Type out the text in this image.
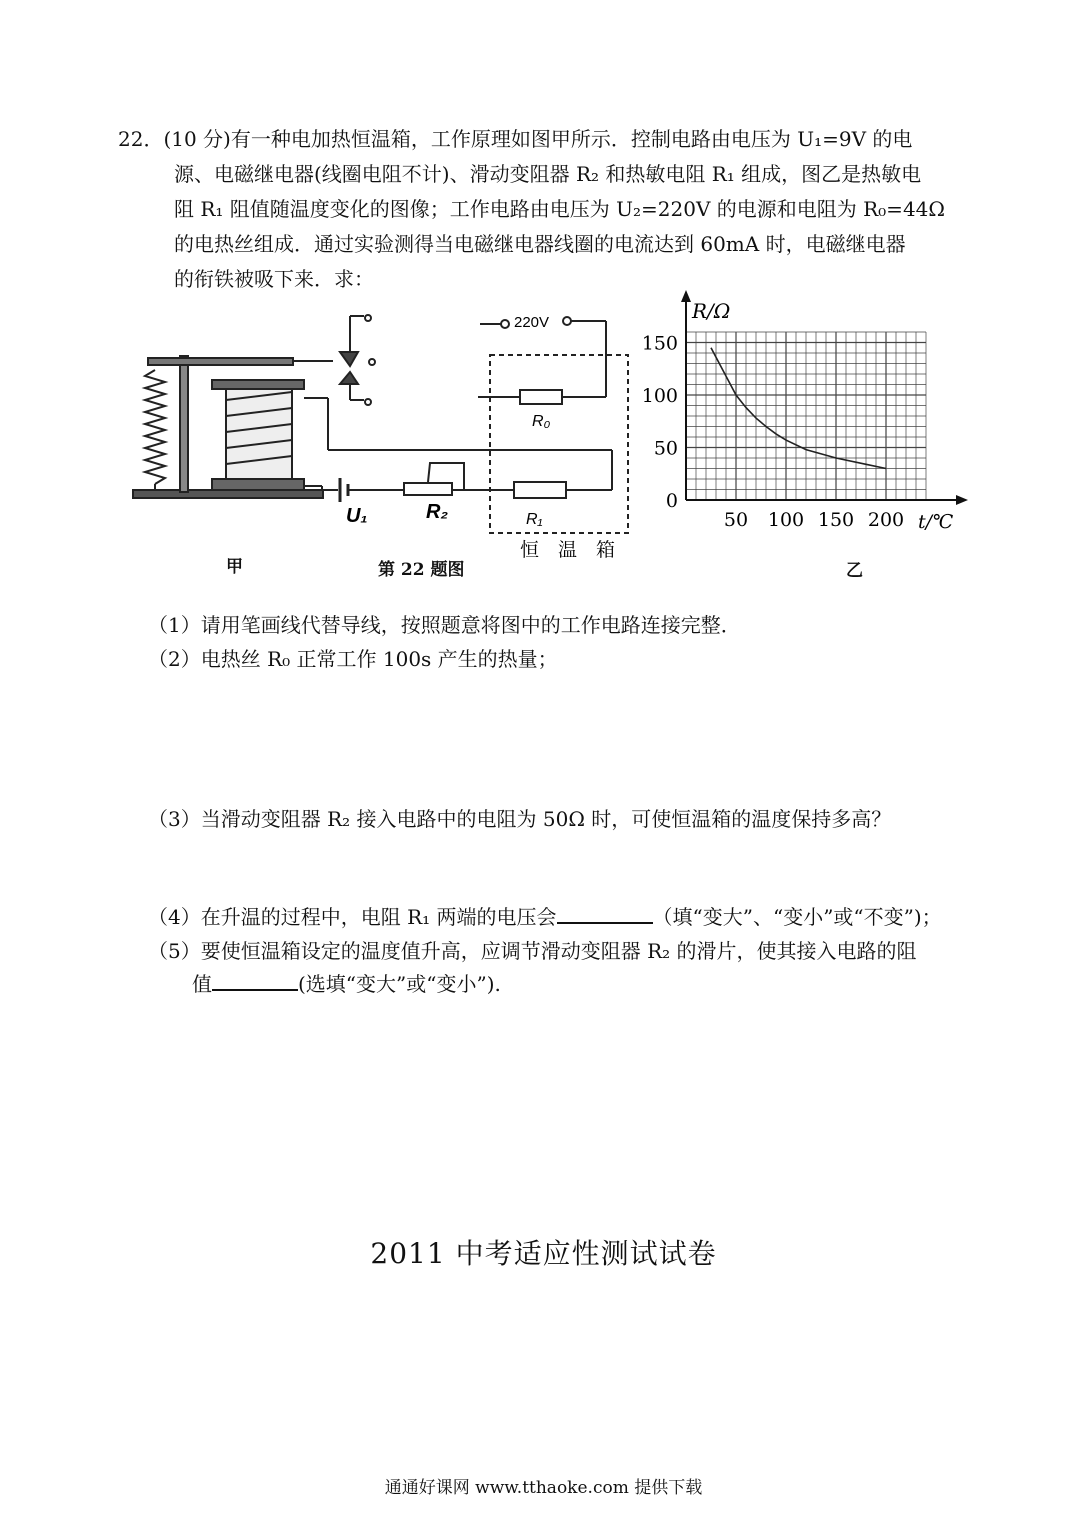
22．(10 分)有一种电加热恒温箱，工作原理如图甲所示．控制电路由电压为 U₁=9V 的电
源、电磁继电器(线圈电阻不计)、滑动变阻器 R₂ 和热敏电阻 R₁ 组成，图乙是热敏电
阻 R₁ 阻值随温度变化的图像；工作电路由电压为 U₂=220V 的电源和电阻为 R₀=44Ω
的电热丝组成．通过实验测得当电磁继电器线圈的电流达到 60mA 时，电磁继电器
的衔铁被吸下来．求：
220V
R₀
R₁
U₁	R₂
恒　温　箱
50 100 150 200
0
50
100
150
R/Ω
t/℃
甲	第 22 题图	乙
（1）请用笔画线代替导线，按照题意将图中的工作电路连接完整．
（2）电热丝 R₀ 正常工作 100s 产生的热量；
（3）当滑动变阻器 R₂ 接入电路中的电阻为 50Ω 时，可使恒温箱的温度保持多高？
（4）在升温的过程中，电阻 R₁ 两端的电压会	（填“变大”、“变小”或“不变”)；
（5）要使恒温箱设定的温度值升高，应调节滑动变阻器 R₂ 的滑片，使其接入电路的阻
值	(选填“变大”或“变小”).
2011 中考适应性测试试卷
通通好课网 www.tthaoke.com 提供下载
